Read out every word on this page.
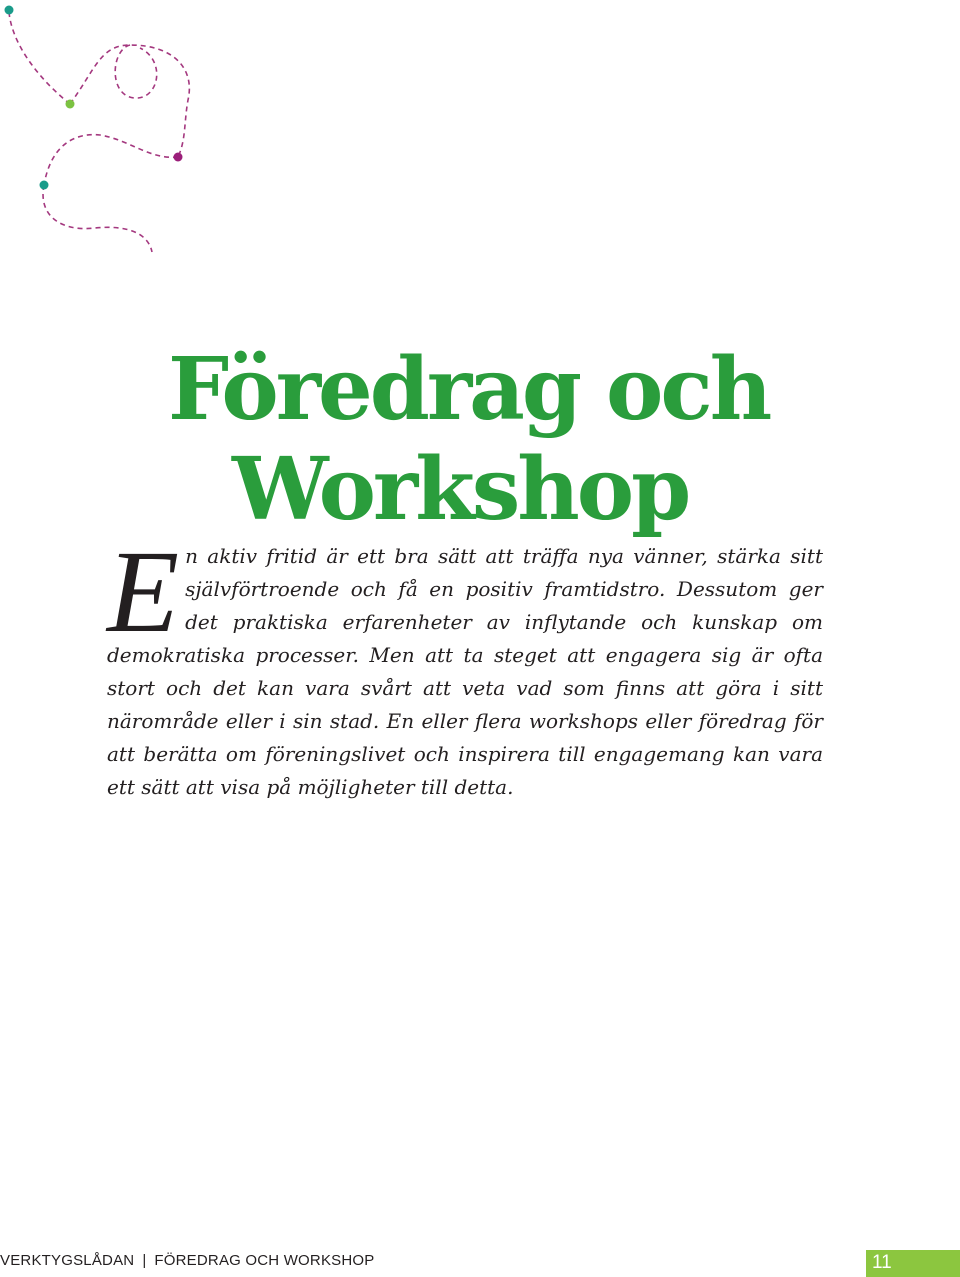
Föredrag och
Workshop
En aktiv fritid är ett bra sätt att träffa nya vänner, stärka sitt självförtroende och få en positiv framtidstro. Dessutom ger det praktiska erfarenheter av inflytande och kunskap om demokratiska processer. Men att ta steget att engagera sig är ofta stort och det kan vara svårt att veta vad som finns att göra i sitt närområde eller i sin stad. En eller flera workshops eller föredrag för att berätta om föreningslivet och inspirera till engagemang kan vara ett sätt att visa på möjligheter till detta.
VERKTYGSLÅDAN | FÖREDRAG OCH WORKSHOP	11
